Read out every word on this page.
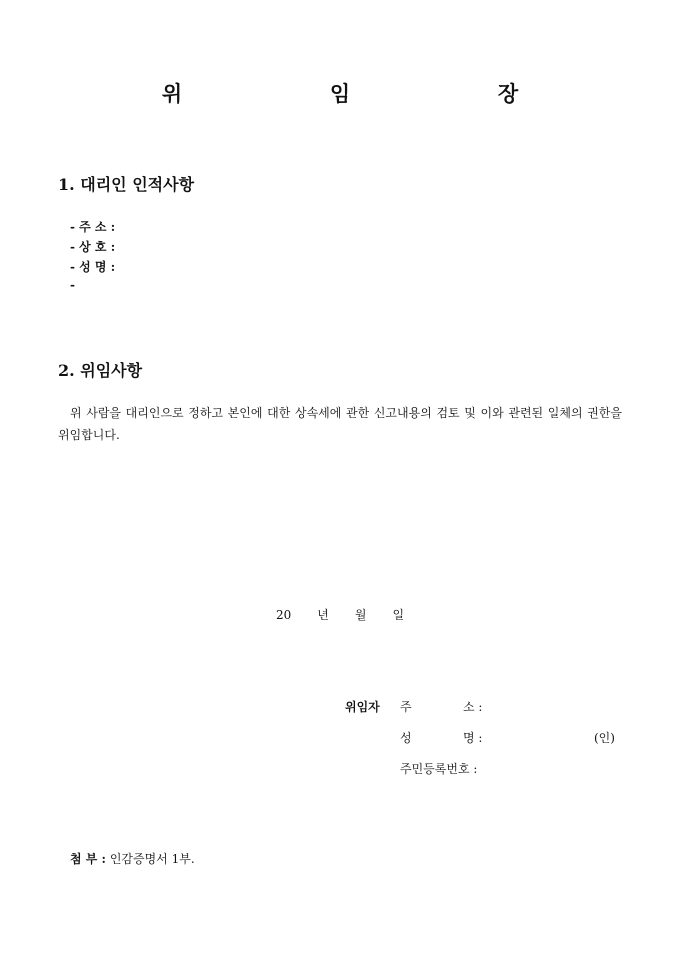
위	임	장
1. 대리인 인적사항
- 주 소 :
- 상 호 :
- 성 명 :
-
2. 위임사항
위 사람을 대리인으로 정하고 본인에 대한 상속세에 관한 신고내용의 검토 및 이와 관련된 일체의 권한을 위임합니다.
20 년 월 일
위임자 주	소 :
성	명 :	(인)
주민등록번호 :
첨 부 : 인감증명서 1부.
